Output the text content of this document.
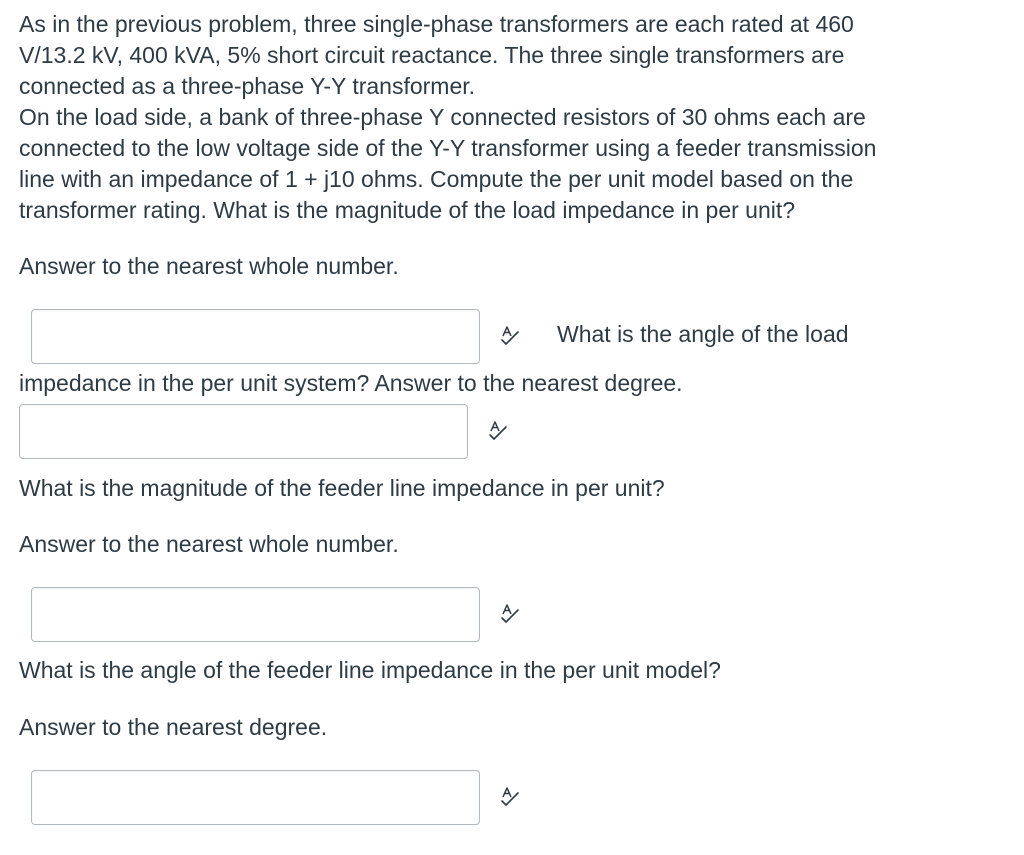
As in the previous problem, three single-phase transformers are each rated at 460

V/13.2 kV, 400 kVA, 5% short circuit reactance. The three single transformers are

connected as a three-phase Y-Y transformer.

On the load side, a bank of three-phase Y connected resistors of 30 ohms each are

connected to the low voltage side of the Y-Y transformer using a feeder transmission

line with an impedance of 1 + j10 ohms. Compute the per unit model based on the

transformer rating. What is the magnitude of the load impedance in per unit?

Answer to the nearest whole number.

What is the angle of the load

impedance in the per unit system? Answer to the nearest degree.

What is the magnitude of the feeder line impedance in per unit?

Answer to the nearest whole number.

What is the angle of the feeder line impedance in the per unit model?

Answer to the nearest degree.
